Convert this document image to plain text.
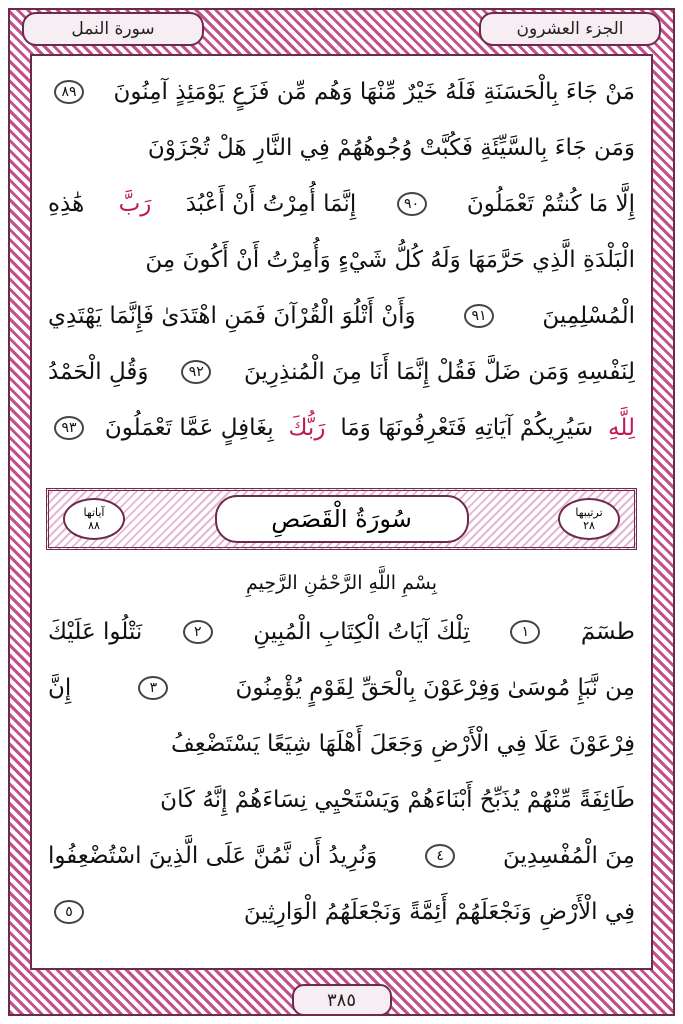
سورة النمل	الجزء العشرون
مَنْ جَاءَ بِالْحَسَنَةِ فَلَهُ خَيْرٌ مِّنْهَا وَهُم مِّن فَزَعٍ يَوْمَئِذٍ آمِنُونَ
٨٩
وَمَن جَاءَ بِالسَّيِّئَةِ فَكُبَّتْ وُجُوهُهُمْ فِي النَّارِ هَلْ تُجْزَوْنَ
إِلَّا مَا كُنتُمْ تَعْمَلُونَ
٩٠
إِنَّمَا أُمِرْتُ أَنْ أَعْبُدَ
رَبَّ
هَٰذِهِ
الْبَلْدَةِ الَّذِي حَرَّمَهَا وَلَهُ كُلُّ شَيْءٍ وَأُمِرْتُ أَنْ أَكُونَ مِنَ
الْمُسْلِمِينَ
٩١
وَأَنْ أَتْلُوَ الْقُرْآنَ فَمَنِ اهْتَدَىٰ فَإِنَّمَا يَهْتَدِي
لِنَفْسِهِ وَمَن ضَلَّ فَقُلْ إِنَّمَا أَنَا مِنَ الْمُنذِرِينَ
٩٢
وَقُلِ الْحَمْدُ
لِلَّهِ
سَيُرِيكُمْ آيَاتِهِ فَتَعْرِفُونَهَا وَمَا
رَبُّكَ
بِغَافِلٍ عَمَّا تَعْمَلُونَ
٩٣
ترتيبها
٢٨
سُورَةُ الْقَصَصِ
آياتها
٨٨
بِسْمِ اللَّهِ الرَّحْمَٰنِ الرَّحِيمِ
طسٓمٓ
١
تِلْكَ آيَاتُ الْكِتَابِ الْمُبِينِ
٢
نَتْلُوا عَلَيْكَ
مِن نَّبَإِ مُوسَىٰ وَفِرْعَوْنَ بِالْحَقِّ لِقَوْمٍ يُؤْمِنُونَ
٣
إِنَّ
فِرْعَوْنَ عَلَا فِي الْأَرْضِ وَجَعَلَ أَهْلَهَا شِيَعًا يَسْتَضْعِفُ
طَائِفَةً مِّنْهُمْ يُذَبِّحُ أَبْنَاءَهُمْ وَيَسْتَحْيِي نِسَاءَهُمْ إِنَّهُ كَانَ
مِنَ الْمُفْسِدِينَ
٤
وَنُرِيدُ أَن نَّمُنَّ عَلَى الَّذِينَ اسْتُضْعِفُوا
فِي الْأَرْضِ وَنَجْعَلَهُمْ أَئِمَّةً وَنَجْعَلَهُمُ الْوَارِثِينَ
٥
٣٨٥
